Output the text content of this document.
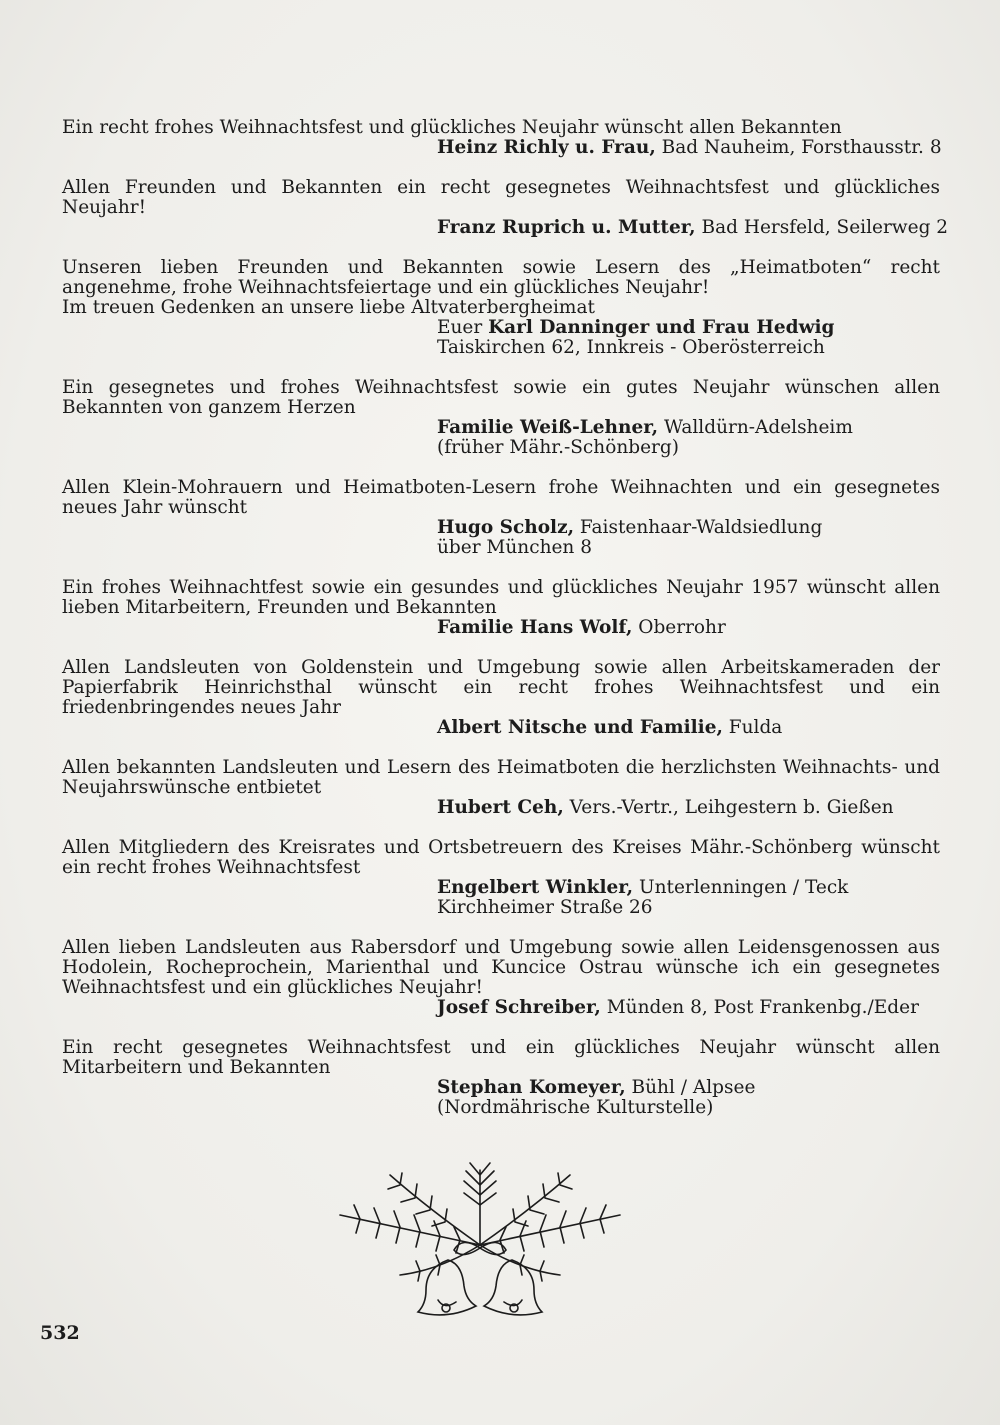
Ein recht frohes Weihnachtsfest und glückliches Neujahr wünscht allen Bekannten

Heinz Richly u. Frau, Bad Nauheim, Forsthausstr. 8

Allen Freunden und Bekannten ein recht gesegnetes Weihnachtsfest und glückliches Neujahr!

Franz Ruprich u. Mutter, Bad Hersfeld, Seilerweg 2

Unseren lieben Freunden und Bekannten sowie Lesern des „Heimatboten“ recht angenehme, frohe Weihnachtsfeiertage und ein glückliches Neujahr!

Im treuen Gedenken an unsere liebe Altvaterbergheimat

Euer Karl Danninger und Frau Hedwig

Taiskirchen 62, Innkreis - Oberösterreich

Ein gesegnetes und frohes Weihnachtsfest sowie ein gutes Neujahr wünschen allen Bekannten von ganzem Herzen

Familie Weiß-Lehner, Walldürn-Adelsheim

(früher Mähr.-Schönberg)

Allen Klein-Mohrauern und Heimatboten-Lesern frohe Weihnachten und ein gesegnetes neues Jahr wünscht

Hugo Scholz, Faistenhaar-Waldsiedlung

über München 8

Ein frohes Weihnachtfest sowie ein gesundes und glückliches Neujahr 1957 wünscht allen lieben Mitarbeitern, Freunden und Bekannten

Familie Hans Wolf, Oberrohr

Allen Landsleuten von Goldenstein und Umgebung sowie allen Arbeitskameraden der Papierfabrik Heinrichsthal wünscht ein recht frohes Weihnachtsfest und ein friedenbringendes neues Jahr

Albert Nitsche und Familie, Fulda

Allen bekannten Landsleuten und Lesern des Heimatboten die herzlichsten Weihnachts- und Neujahrswünsche entbietet

Hubert Ceh, Vers.-Vertr., Leihgestern b. Gießen

Allen Mitgliedern des Kreisrates und Ortsbetreuern des Kreises Mähr.-Schönberg wünscht ein recht frohes Weihnachtsfest

Engelbert Winkler, Unterlenningen / Teck

Kirchheimer Straße 26

Allen lieben Landsleuten aus Rabersdorf und Umgebung sowie allen Leidensgenossen aus Hodolein, Rocheprochein, Marienthal und Kuncice Ostrau wünsche ich ein gesegnetes Weihnachtsfest und ein glückliches Neujahr!

Josef Schreiber, Münden 8, Post Frankenbg./Eder

Ein recht gesegnetes Weihnachtsfest und ein glückliches Neujahr wünscht allen Mitarbeitern und Bekannten

Stephan Komeyer, Bühl / Alpsee

(Nordmährische Kulturstelle)

532
